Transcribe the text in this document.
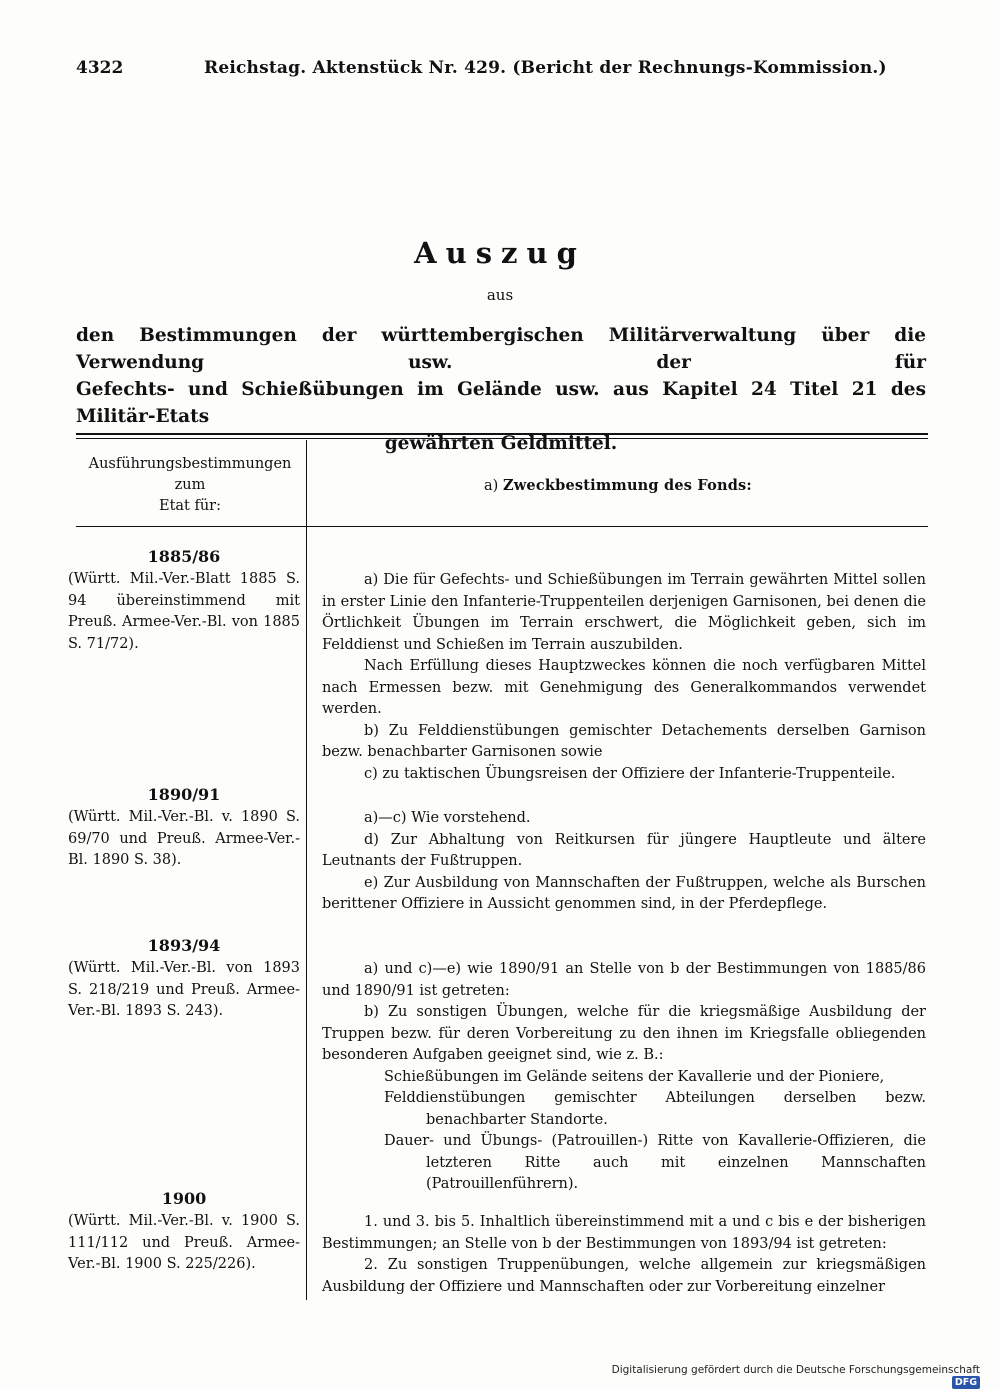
4322	Reichstag. Aktenstück Nr. 429. (Bericht der Rechnungs-Kommission.)
Auszug
aus
den Bestimmungen der württembergischen Militärverwaltung über die Verwendung usw. der für
Gefechts- und Schießübungen im Gelände usw. aus Kapitel 24 Titel 21 des Militär-Etats
gewährten Geldmittel.
Ausführungsbestimmungen
zum
Etat für:
a) Zweckbestimmung des Fonds:
1885/86
(Württ. Mil.-Ver.-Blatt 1885 S. 94 übereinstimmend mit Preuß. Armee-Ver.-Bl. von 1885 S. 71/72).

a) Die für Gefechts- und Schießübungen im Terrain gewährten Mittel sollen in erster Linie den Infanterie-Truppenteilen derjenigen Garnisonen, bei denen die Örtlichkeit Übungen im Terrain erschwert, die Möglichkeit geben, sich im Felddienst und Schießen im Terrain auszubilden.

Nach Erfüllung dieses Hauptzweckes können die noch verfügbaren Mittel nach Ermessen bezw. mit Genehmigung des Generalkommandos verwendet werden.

b) Zu Felddienstübungen gemischter Detachements derselben Garnison bezw. benachbarter Garnisonen sowie

c) zu taktischen Übungsreisen der Offiziere der Infanterie-Truppenteile.

1890/91
(Württ. Mil.-Ver.-Bl. v. 1890 S. 69/70 und Preuß. Armee-Ver.-Bl. 1890 S. 38).

a)—c) Wie vorstehend.

d) Zur Abhaltung von Reitkursen für jüngere Hauptleute und ältere Leutnants der Fußtruppen.

e) Zur Ausbildung von Mannschaften der Fußtruppen, welche als Burschen berittener Offiziere in Aussicht genommen sind, in der Pferdepflege.

1893/94
(Württ. Mil.-Ver.-Bl. von 1893 S. 218/219 und Preuß. Armee-Ver.-Bl. 1893 S. 243).

a) und c)—e) wie 1890/91 an Stelle von b der Bestimmungen von 1885/86 und 1890/91 ist getreten:

b) Zu sonstigen Übungen, welche für die kriegsmäßige Ausbildung der Truppen bezw. für deren Vorbereitung zu den ihnen im Kriegsfalle obliegenden besonderen Aufgaben geeignet sind, wie z. B.:

Schießübungen im Gelände seitens der Kavallerie und der Pioniere,
Felddienstübungen gemischter Abteilungen derselben bezw. benachbarter Standorte.
Dauer- und Übungs- (Patrouillen-) Ritte von Kavallerie-Offizieren, die letzteren Ritte auch mit einzelnen Mannschaften (Patrouillenführern).
1900
(Württ. Mil.-Ver.-Bl. v. 1900 S. 111/112 und Preuß. Armee-Ver.-Bl. 1900 S. 225/226).

1. und 3. bis 5. Inhaltlich übereinstimmend mit a und c bis e der bisherigen Bestimmungen; an Stelle von b der Bestimmungen von 1893/94 ist getreten:

2. Zu sonstigen Truppenübungen, welche allgemein zur kriegsmäßigen Ausbildung der Offiziere und Mannschaften oder zur Vorbereitung einzelner

Digitalisierung gefördert durch die Deutsche Forschungsgemeinschaft DFG
